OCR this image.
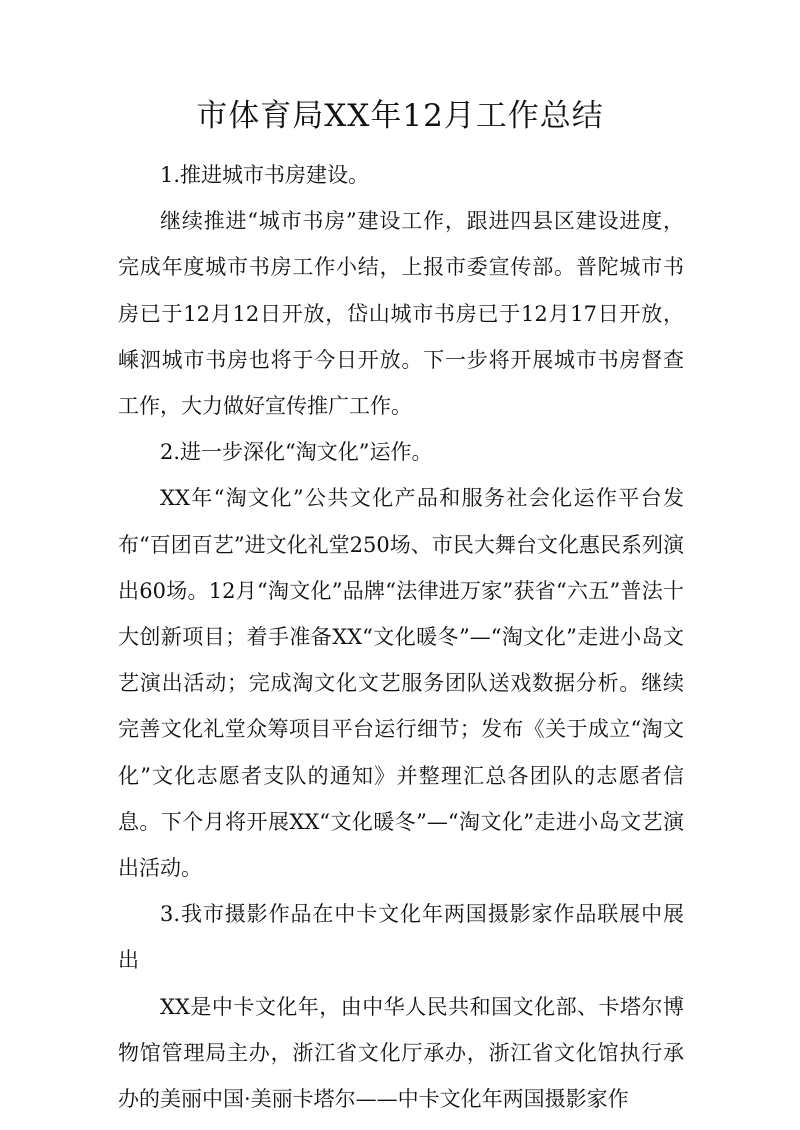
市体育局XX年12月工作总结

1.推进城市书房建设。

继续推进“城市书房”建设工作，跟进四县区建设进度，完成年度城市书房工作小结，上报市委宣传部。普陀城市书房已于12月12日开放，岱山城市书房已于12月17日开放，嵊泗城市书房也将于今日开放。下一步将开展城市书房督查工作，大力做好宣传推广工作。

2.进一步深化“淘文化”运作。

XX年“淘文化”公共文化产品和服务社会化运作平台发布“百团百艺”进文化礼堂250场、市民大舞台文化惠民系列演出60场。12月“淘文化”品牌“法律进万家”获省“六五”普法十大创新项目；着手准备XX“文化暖冬”—“淘文化”走进小岛文艺演出活动；完成淘文化文艺服务团队送戏数据分析。继续完善文化礼堂众筹项目平台运行细节；发布《关于成立“淘文化”文化志愿者支队的通知》并整理汇总各团队的志愿者信息。下个月将开展XX“文化暖冬”—“淘文化”走进小岛文艺演出活动。

3.我市摄影作品在中卡文化年两国摄影家作品联展中展出

XX是中卡文化年，由中华人民共和国文化部、卡塔尔博物馆管理局主办，浙江省文化厅承办，浙江省文化馆执行承办的美丽中国·美丽卡塔尔——中卡文化年两国摄影家作
